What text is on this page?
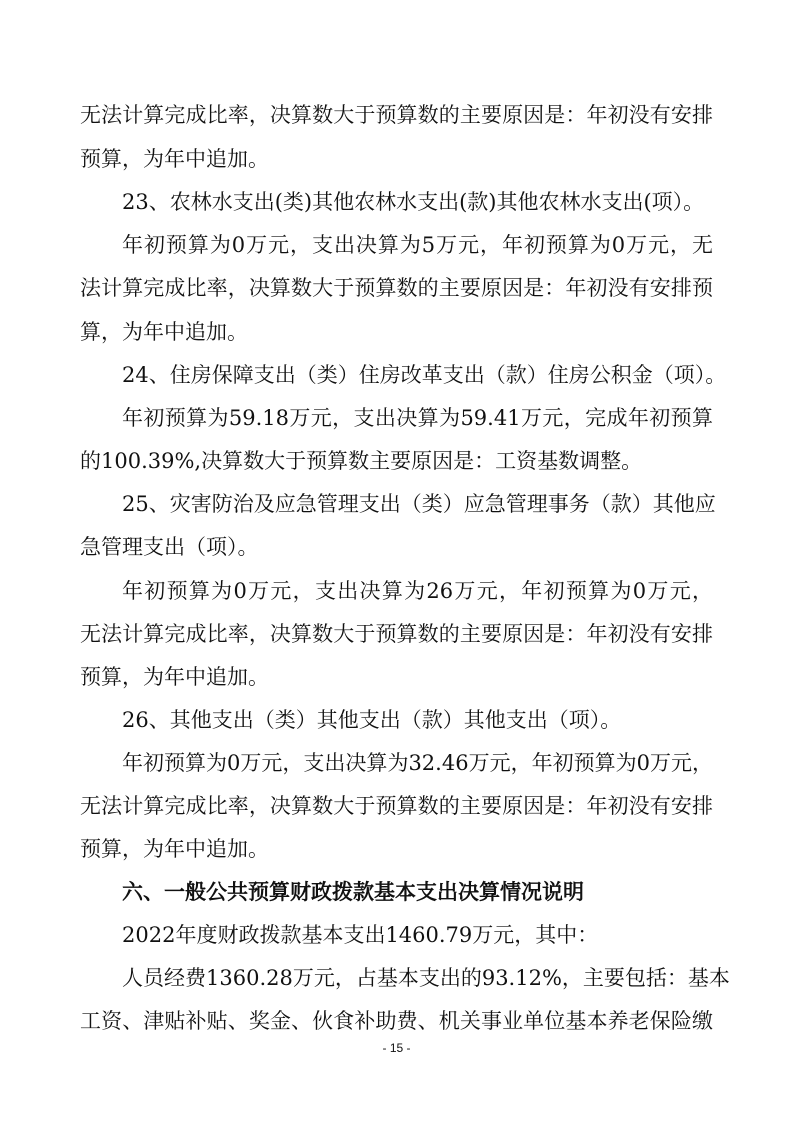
无法计算完成比率，决算数大于预算数的主要原因是：年初没有安排
预算，为年中追加。
23、农林水支出(类)其他农林水支出(款)其他农林水支出(项）。
年初预算为0万元，支出决算为5万元，年初预算为0万元，无
法计算完成比率，决算数大于预算数的主要原因是：年初没有安排预
算，为年中追加。
24、住房保障支出（类）住房改革支出（款）住房公积金（项）。
年初预算为59.18万元，支出决算为59.41万元，完成年初预算
的100.39%,决算数大于预算数主要原因是：工资基数调整。
25、灾害防治及应急管理支出（类）应急管理事务（款）其他应
急管理支出（项）。
年初预算为0万元，支出决算为26万元，年初预算为0万元，
无法计算完成比率，决算数大于预算数的主要原因是：年初没有安排
预算，为年中追加。
26、其他支出（类）其他支出（款）其他支出（项）。
年初预算为0万元，支出决算为32.46万元，年初预算为0万元，
无法计算完成比率，决算数大于预算数的主要原因是：年初没有安排
预算，为年中追加。
六、一般公共预算财政拨款基本支出决算情况说明
2022年度财政拨款基本支出1460.79万元，其中：
人员经费1360.28万元，占基本支出的93.12%，主要包括：基本
工资、津贴补贴、奖金、伙食补助费、机关事业单位基本养老保险缴
- 15 -
